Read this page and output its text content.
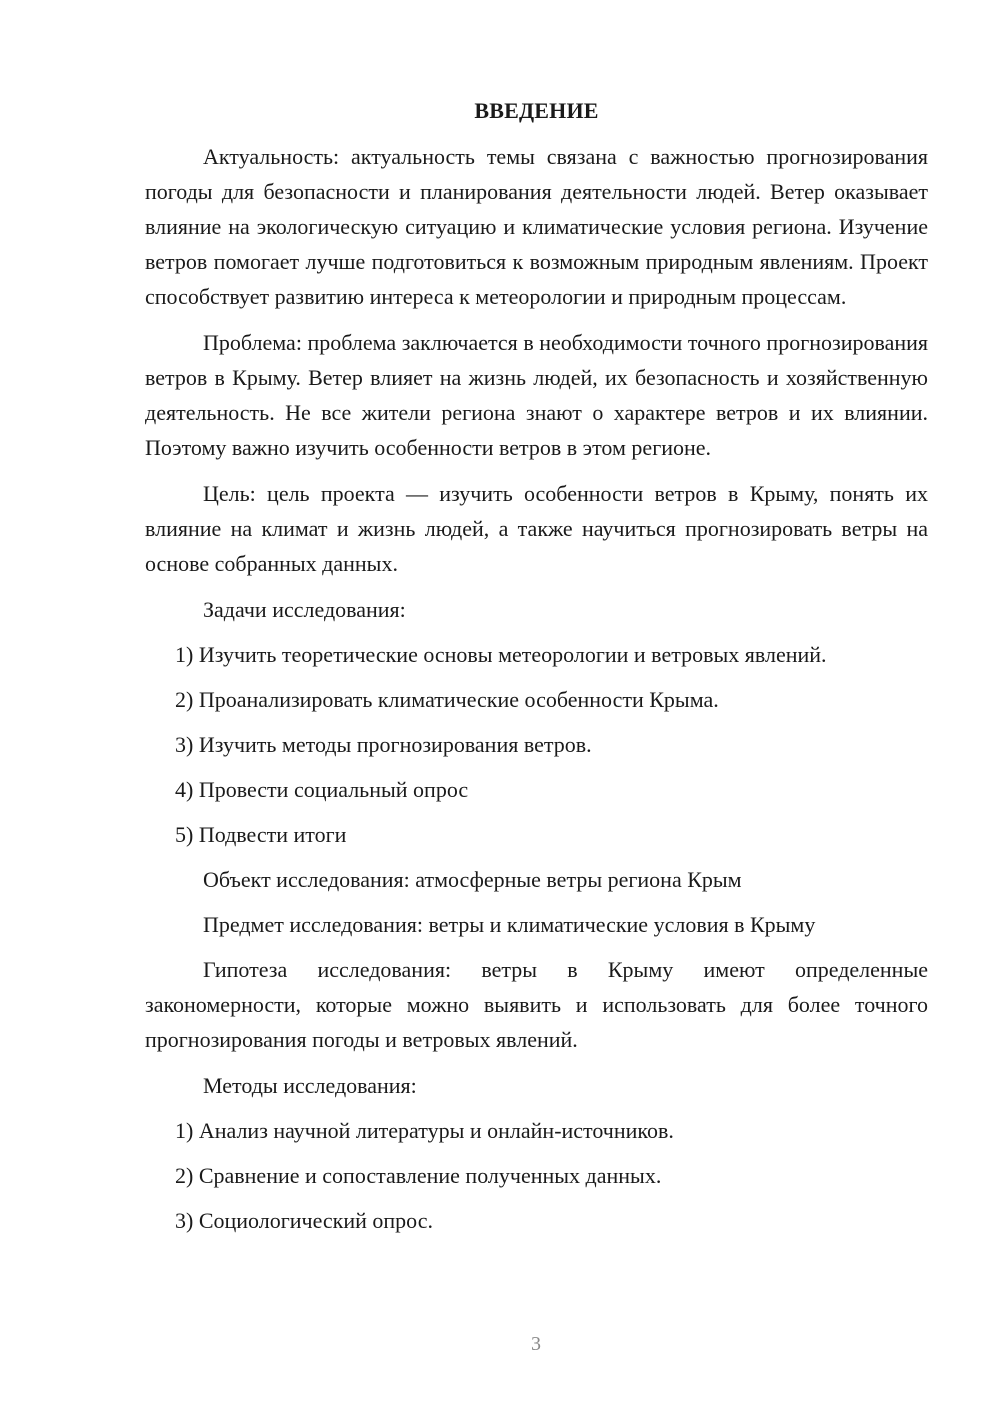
ВВЕДЕНИЕ

Актуальность: актуальность темы связана с важностью прогнозирования погоды для безопасности и планирования деятельности людей. Ветер оказывает влияние на экологическую ситуацию и климатические условия региона. Изучение ветров помогает лучше подготовиться к возможным природным явлениям. Проект способствует развитию интереса к метеорологии и природным процессам.

Проблема: проблема заключается в необходимости точного прогнозирования ветров в Крыму. Ветер влияет на жизнь людей, их безопасность и хозяйственную деятельность. Не все жители региона знают о характере ветров и их влиянии. Поэтому важно изучить особенности ветров в этом регионе.

Цель: цель проекта — изучить особенности ветров в Крыму, понять их влияние на климат и жизнь людей, а также научиться прогнозировать ветры на основе собранных данных.

Задачи исследования:

1) Изучить теоретические основы метеорологии и ветровых явлений.

2) Проанализировать климатические особенности Крыма.

3) Изучить методы прогнозирования ветров.

4) Провести социальный опрос

5) Подвести итоги

Объект исследования: атмосферные ветры региона Крым

Предмет исследования: ветры и климатические условия в Крыму

Гипотеза исследования: ветры в Крыму имеют определенные закономерности, которые можно выявить и использовать для более точного прогнозирования погоды и ветровых явлений.

Методы исследования:

1) Анализ научной литературы и онлайн-источников.

2) Сравнение и сопоставление полученных данных.

3) Социологический опрос.

3
